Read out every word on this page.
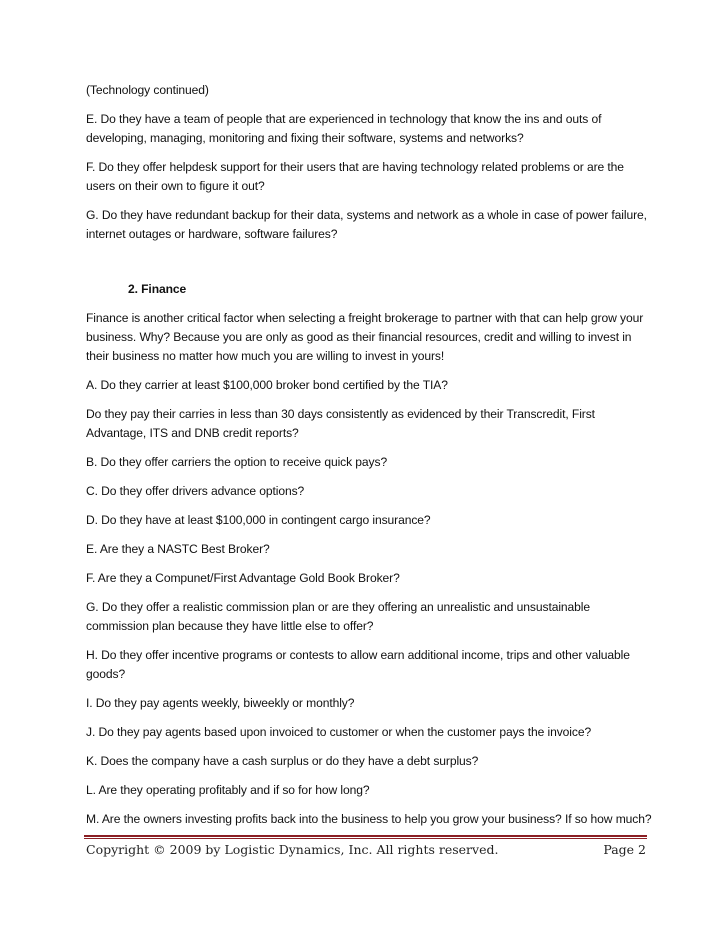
(Technology continued)

E. Do they have a team of people that are experienced in technology that know the ins and outs of developing, managing, monitoring and fixing their software, systems and networks?

F. Do they offer helpdesk support for their users that are having technology related problems or are the users on their own to figure it out?

G. Do they have redundant backup for their data, systems and network as a whole in case of power failure, internet outages or hardware, software failures?

2. Finance

Finance is another critical factor when selecting a freight brokerage to partner with that can help grow your business. Why? Because you are only as good as their financial resources, credit and willing to invest in their business no matter how much you are willing to invest in yours!

A. Do they carrier at least $100,000 broker bond certified by the TIA?

Do they pay their carries in less than 30 days consistently as evidenced by their Transcredit, First Advantage, ITS and DNB credit reports?

B. Do they offer carriers the option to receive quick pays?

C. Do they offer drivers advance options?

D. Do they have at least $100,000 in contingent cargo insurance?

E. Are they a NASTC Best Broker?

F. Are they a Compunet/First Advantage Gold Book Broker?

G. Do they offer a realistic commission plan or are they offering an unrealistic and unsustainable commission plan because they have little else to offer?

H. Do they offer incentive programs or contests to allow earn additional income, trips and other valuable goods?

I. Do they pay agents weekly, biweekly or monthly?

J. Do they pay agents based upon invoiced to customer or when the customer pays the invoice?

K. Does the company have a cash surplus or do they have a debt surplus?

L. Are they operating profitably and if so for how long?

M. Are the owners investing profits back into the business to help you grow your business? If so how much?

Copyright © 2009 by Logistic Dynamics, Inc. All rights reserved.	Page 2
